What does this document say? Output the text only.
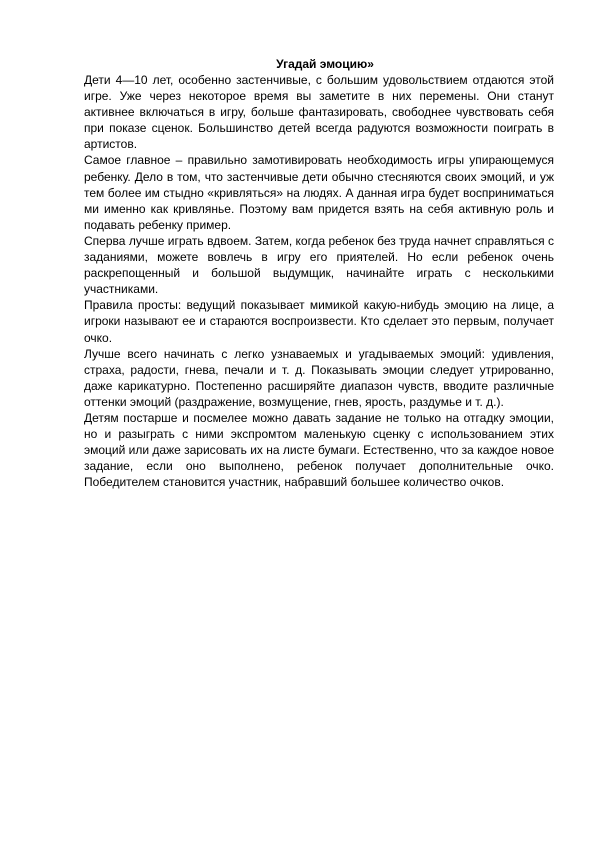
Угадай эмоцию»

Дети 4—10 лет, особенно застенчивые, с большим удовольствием отдаются этой игре. Уже через некоторое время вы заметите в них перемены. Они станут активнее включаться в игру, больше фантазировать, свободнее чувствовать себя при показе сценок. Большинство детей всегда радуются возможности поиграть в артистов.

Самое главное – правильно замотивировать необходимость игры упирающемуся ребенку. Дело в том, что застенчивые дети обычно стесняются своих эмоций, и уж тем более им стыдно «кривляться» на людях. А данная игра будет восприниматься ми именно как кривлянье. Поэтому вам придется взять на себя активную роль и подавать ребенку пример.

Сперва лучше играть вдвоем. Затем, когда ребенок без труда начнет справляться с заданиями, можете вовлечь в игру его приятелей. Но если ребенок очень раскрепощенный и большой выдумщик, начинайте играть с несколькими участниками.

Правила просты: ведущий показывает мимикой какую-нибудь эмоцию на лице, а игроки называют ее и стараются воспроизвести. Кто сделает это первым, получает очко.

Лучше всего начинать с легко узнаваемых и угадываемых эмоций: удивления, страха, радости, гнева, печали и т. д. Показывать эмоции следует утрированно, даже карикатурно. Постепенно расширяйте диапазон чувств, вводите различные оттенки эмоций (раздражение, возмущение, гнев, ярость, раздумье и т. д.).

Детям постарше и посмелее можно давать задание не только на отгадку эмоции, но и разыграть с ними экспромтом маленькую сценку с использованием этих эмоций или даже зарисовать их на листе бумаги. Естественно, что за каждое новое задание, если оно выполнено, ребенок получает дополнительные очко. Победителем становится участник, набравший большее количество очков.
